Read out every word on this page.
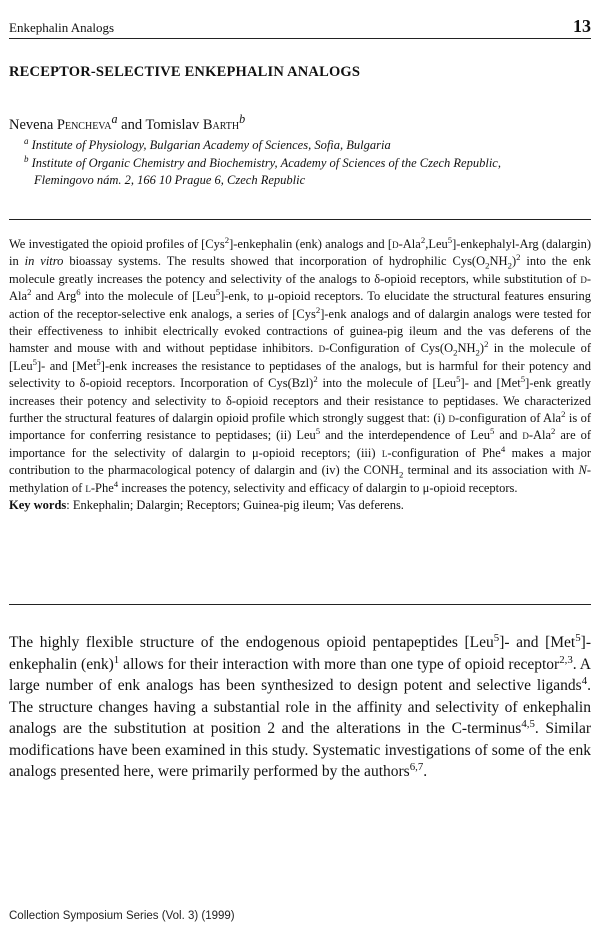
Enkephalin Analogs	13
RECEPTOR-SELECTIVE ENKEPHALIN ANALOGS
Nevena Pencheva$^a$ and Tomislav Barth$^b$
$^a$ Institute of Physiology, Bulgarian Academy of Sciences, Sofia, Bulgaria
$^b$ Institute of Organic Chemistry and Biochemistry, Academy of Sciences of the Czech Republic,
Flemingovo nám. 2, 166 10 Prague 6, Czech Republic
We investigated the opioid profiles of [Cys$^2$]-enkephalin (enk) analogs and [d-Ala$^2$,Leu$^5$]-enkephalyl-Arg (dalargin) in in vitro bioassay systems. The results showed that incorporation of hydrophilic $Cys(O_2NH_2)^2$ into the enk molecule greatly increases the potency and selectivity of the analogs to δ-opioid receptors, while substitution of d-Ala$^2$ and Arg$^6$ into the molecule of [Leu$^5$]-enk, to μ-opioid receptors. To elucidate the structural features ensuring action of the receptor-selective enk analogs, a series of [Cys$^2$]-enk analogs and of dalargin analogs were tested for their effectiveness to inhibit electrically evoked contractions of guinea-pig ileum and the vas deferens of the hamster and mouse with and without peptidase inhibitors. d-Configuration of $Cys(O_2NH_2)^2$ in the molecule of [Leu$^5$]- and [Met$^5$]-enk increases the resistance to peptidases of the analogs, but is harmful for their potency and selectivity to δ-opioid receptors. Incorporation of Cys(Bzl)$^2$ into the molecule of [Leu$^5$]- and [Met$^5$]-enk greatly increases their potency and selectivity to δ-opioid receptors and their resistance to peptidases. We characterized further the structural features of dalargin opioid profile which strongly suggest that: (i) d-configuration of Ala$^2$ is of importance for conferring resistance to peptidases; (ii) Leu$^5$ and the interdependence of Leu$^5$ and d-Ala$^2$ are of importance for the selectivity of dalargin to μ-opioid receptors; (iii) l-configuration of Phe$^4$ makes a major contribution to the pharmacological potency of dalargin and (iv) the $CONH_2$ terminal and its association with N-methylation of l-Phe$^4$ increases the potency, selectivity and efficacy of dalargin to μ-opioid receptors.
Key words: Enkephalin; Dalargin; Receptors; Guinea-pig ileum; Vas deferens.
The highly flexible structure of the endogenous opioid pentapeptides [Leu$^5$]- and [Met$^5$]-enkephalin (enk)$^1$ allows for their interaction with more than one type of opioid receptor$^{2,3}$. A large number of enk analogs has been synthesized to design potent and selective ligands$^4$. The structure changes having a substantial role in the affinity and selectivity of enkephalin analogs are the substitution at position 2 and the alterations in the C-terminus$^{4,5}$. Similar modifications have been examined in this study. Systematic investigations of some of the enk analogs presented here, were primarily performed by the authors$^{6,7}$.
Collection Symposium Series (Vol. 3) (1999)
